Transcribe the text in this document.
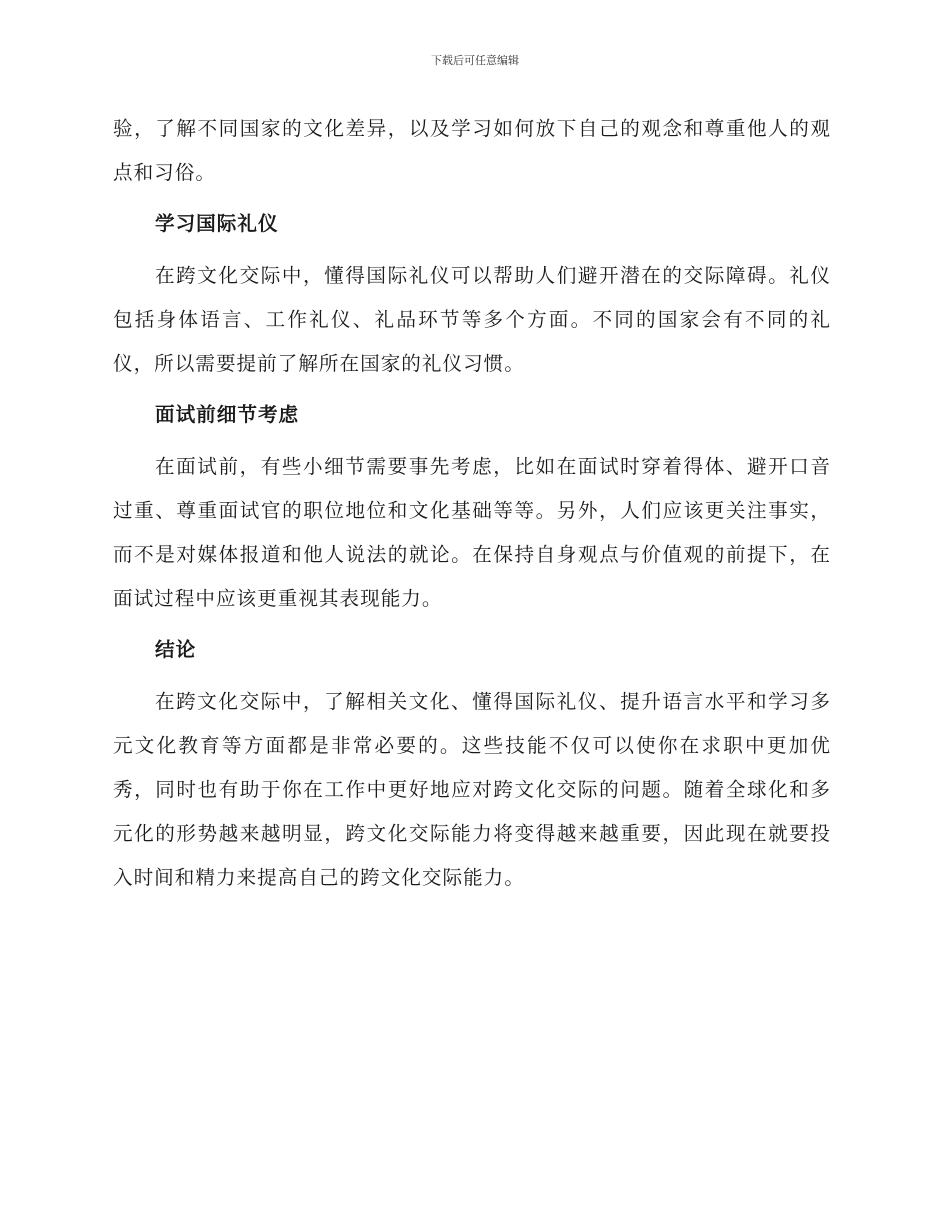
下载后可任意编辑

验，了解不同国家的文化差异，以及学习如何放下自己的观念和尊重他人的观点和习俗。

学习国际礼仪

在跨文化交际中，懂得国际礼仪可以帮助人们避开潜在的交际障碍。礼仪包括身体语言、工作礼仪、礼品环节等多个方面。不同的国家会有不同的礼仪，所以需要提前了解所在国家的礼仪习惯。

面试前细节考虑

在面试前，有些小细节需要事先考虑，比如在面试时穿着得体、避开口音过重、尊重面试官的职位地位和文化基础等等。另外，人们应该更关注事实，而不是对媒体报道和他人说法的就论。在保持自身观点与价值观的前提下，在面试过程中应该更重视其表现能力。

结论

在跨文化交际中，了解相关文化、懂得国际礼仪、提升语言水平和学习多元文化教育等方面都是非常必要的。这些技能不仅可以使你在求职中更加优秀，同时也有助于你在工作中更好地应对跨文化交际的问题。随着全球化和多元化的形势越来越明显，跨文化交际能力将变得越来越重要，因此现在就要投入时间和精力来提高自己的跨文化交际能力。
